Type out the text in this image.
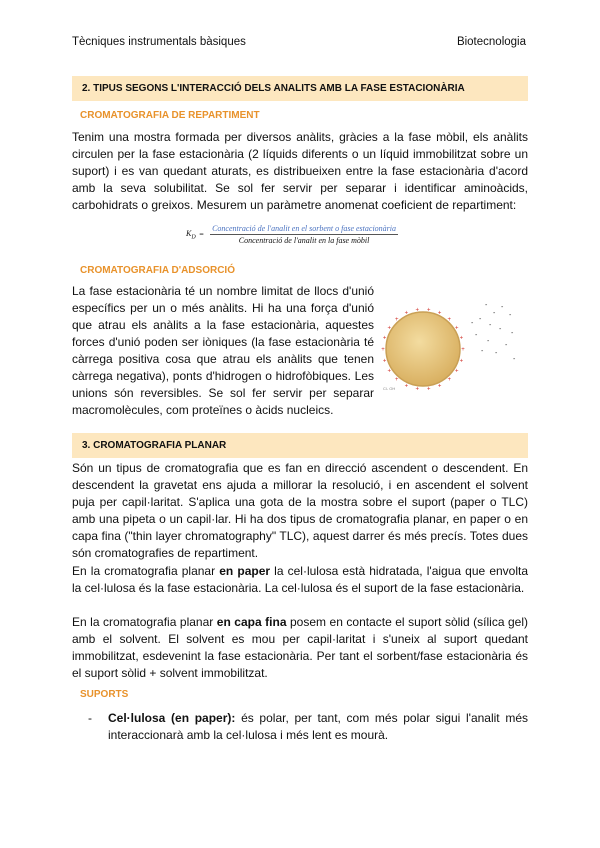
Tècniques instrumentals bàsiques	Biotecnologia
2. TIPUS SEGONS L'INTERACCIÓ DELS ANALITS AMB LA FASE ESTACIONÀRIA
CROMATOGRAFIA DE REPARTIMENT

Tenim una mostra formada per diversos anàlits, gràcies a la fase mòbil, els anàlits circulen per la fase estacionària (2 líquids diferents o un líquid immobilitzat sobre un suport) i es van quedant aturats, es distribueixen entre la fase estacionària d'acord amb la seva solubilitat. Se sol fer servir per separar i identificar aminoàcids, carbohidrats o greixos. Mesurem un paràmetre anomenat coeficient de repartiment:

$K_D = \frac{\text{Concentració de l'analit en el sorbent o fase estacionària}}{\text{Concentració de l'analit en la fase mòbil}}$
CROMATOGRAFIA D'ADSORCIÓ

La fase estacionària té un nombre limitat de llocs d'unió específics per un o més anàlits. Hi ha una força d'unió que atrau els anàlits a la fase estacionària, aquestes forces d'unió poden ser iòniques (la fase estacionària té càrrega positiva cosa que atrau els anàlits que tenen càrrega negativa), ponts d'hidrogen o hidrofòbiques. Les unions són reversibles. Se sol fer servir per separar macromolècules, com proteïnes o àcids nucleics.

+
+
+
+
+
+
+
+
+
+
+
+
+
+
+
+
+ +
+
+
+
+
-
-
-
-
-
-
-
-
-
-
-
-
-
-
-
Cl- OH
3. CROMATOGRAFIA PLANAR

Són un tipus de cromatografia que es fan en direcció ascendent o descendent. En descendent la gravetat ens ajuda a millorar la resolució, i en ascendent el solvent puja per capil·laritat. S'aplica una gota de la mostra sobre el suport (paper o TLC) amb una pipeta o un capil·lar. Hi ha dos tipus de cromatografia planar, en paper o en capa fina ("thin layer chromatography" TLC), aquest darrer és més precís. Totes dues són cromatografies de repartiment.

En la cromatografia planar en paper la cel·lulosa està hidratada, l'aigua que envolta la cel·lulosa és la fase estacionària. La cel·lulosa és el suport de la fase estacionària.

En la cromatografia planar en capa fina posem en contacte el suport sòlid (sílica gel) amb el solvent. El solvent es mou per capil·laritat i s'uneix al suport quedant immobilitzat, esdevenint la fase estacionària. Per tant el sorbent/fase estacionària és el suport sòlid + solvent immobilitzat.

SUPORTS
- Cel·lulosa (en paper): és polar, per tant, com més polar sigui l'analit més interaccionarà amb la cel·lulosa i més lent es mourà.
